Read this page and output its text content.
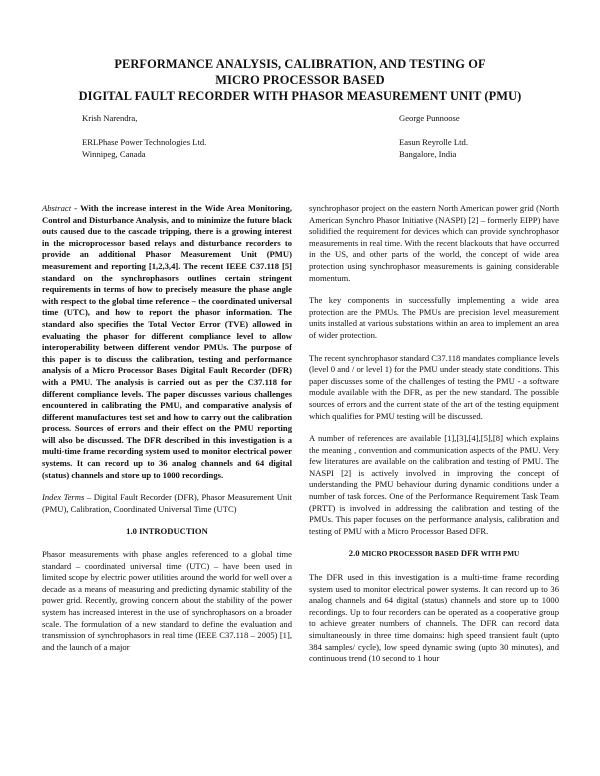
PERFORMANCE ANALYSIS, CALIBRATION, AND TESTING OF
MICRO PROCESSOR BASED
DIGITAL FAULT RECORDER WITH PHASOR MEASUREMENT UNIT (PMU)
Krish Narendra,
ERLPhase Power Technologies Ltd.
Winnipeg, Canada
George Punnoose
Easun Reyrolle Ltd.
Bangalore, India

Abstract - With the increase interest in the Wide Area Monitoring, Control and Disturbance Analysis, and to minimize the future black outs caused due to the cascade tripping, there is a growing interest in the microprocessor based relays and disturbance recorders to provide an additional Phasor Measurement Unit (PMU) measurement and reporting [1,2,3,4]. The recent IEEE C37.118 [5] standard on the synchrophasors outlines certain stringent requirements in terms of how to precisely measure the phase angle with respect to the global time reference – the coordinated universal time (UTC), and how to report the phasor information. The standard also specifies the Total Vector Error (TVE) allowed in evaluating the phasor for different compliance level to allow interoperability between different vendor PMUs. The purpose of this paper is to discuss the calibration, testing and performance analysis of a Micro Processor Bases Digital Fault Recorder (DFR) with a PMU. The analysis is carried out as per the C37.118 for different compliance levels. The paper discusses various challenges encountered in calibrating the PMU, and comparative analysis of different manufactures test set and how to carry out the calibration process. Sources of errors and their effect on the PMU reporting will also be discussed. The DFR described in this investigation is a multi-time frame recording system used to monitor electrical power systems. It can record up to 36 analog channels and 64 digital (status) channels and store up to 1000 recordings.

Index Terms – Digital Fault Recorder (DFR), Phasor Measurement Unit (PMU), Calibration, Coordinated Universal Time (UTC)

1.0 INTRODUCTION

Phasor measurements with phase angles referenced to a global time standard – coordinated universal time (UTC) – have been used in limited scope by electric power utilities around the world for well over a decade as a means of measuring and predicting dynamic stability of the power grid. Recently, growing concern about the stability of the power system has increased interest in the use of synchrophasors on a broader scale. The formulation of a new standard to define the evaluation and transmission of synchrophasors in real time (IEEE C37.118 – 2005) [1], and the launch of a major

synchrophasor project on the eastern North American power grid (North American Synchro Phasor Initiative (NASPI) [2] – formerly EIPP) have solidified the requirement for devices which can provide synchrophasor measurements in real time. With the recent blackouts that have occurred in the US, and other parts of the world, the concept of wide area protection using synchrophasor measurements is gaining considerable momentum.

The key components in successfully implementing a wide area protection are the PMUs. The PMUs are precision level measurement units installed at various substations within an area to implement an area of wider protection.

The recent synchrophasor standard C37.118 mandates compliance levels (level 0 and / or level 1) for the PMU under steady state conditions. This paper discusses some of the challenges of testing the PMU - a software module available with the DFR, as per the new standard. The possible sources of errors and the current state of the art of the testing equipment which qualifies for PMU testing will be discussed.

A number of references are available [1],[3],[4],[5],[8] which explains the meaning , convention and communication aspects of the PMU. Very few literatures are available on the calibration and testing of PMU. The NASPI [2] is actively involved in improving the concept of understanding the PMU behaviour during dynamic conditions under a number of task forces. One of the Performance Requirement Task Team (PRTT) is involved in addressing the calibration and testing of the PMUs. This paper focuses on the performance analysis, calibration and testing of PMU with a Micro Processor Based DFR.

2.0 MICRO PROCESSOR BASED DFR WITH PMU

The DFR used in this investigation is a multi-time frame recording system used to monitor electrical power systems. It can record up to 36 analog channels and 64 digital (status) channels and store up to 1000 recordings. Up to four recorders can be operated as a cooperative group to achieve greater numbers of channels. The DFR can record data simultaneously in three time domains: high speed transient fault (upto 384 samples/ cycle), low speed dynamic swing (upto 30 minutes), and continuous trend (10 second to 1 hour
